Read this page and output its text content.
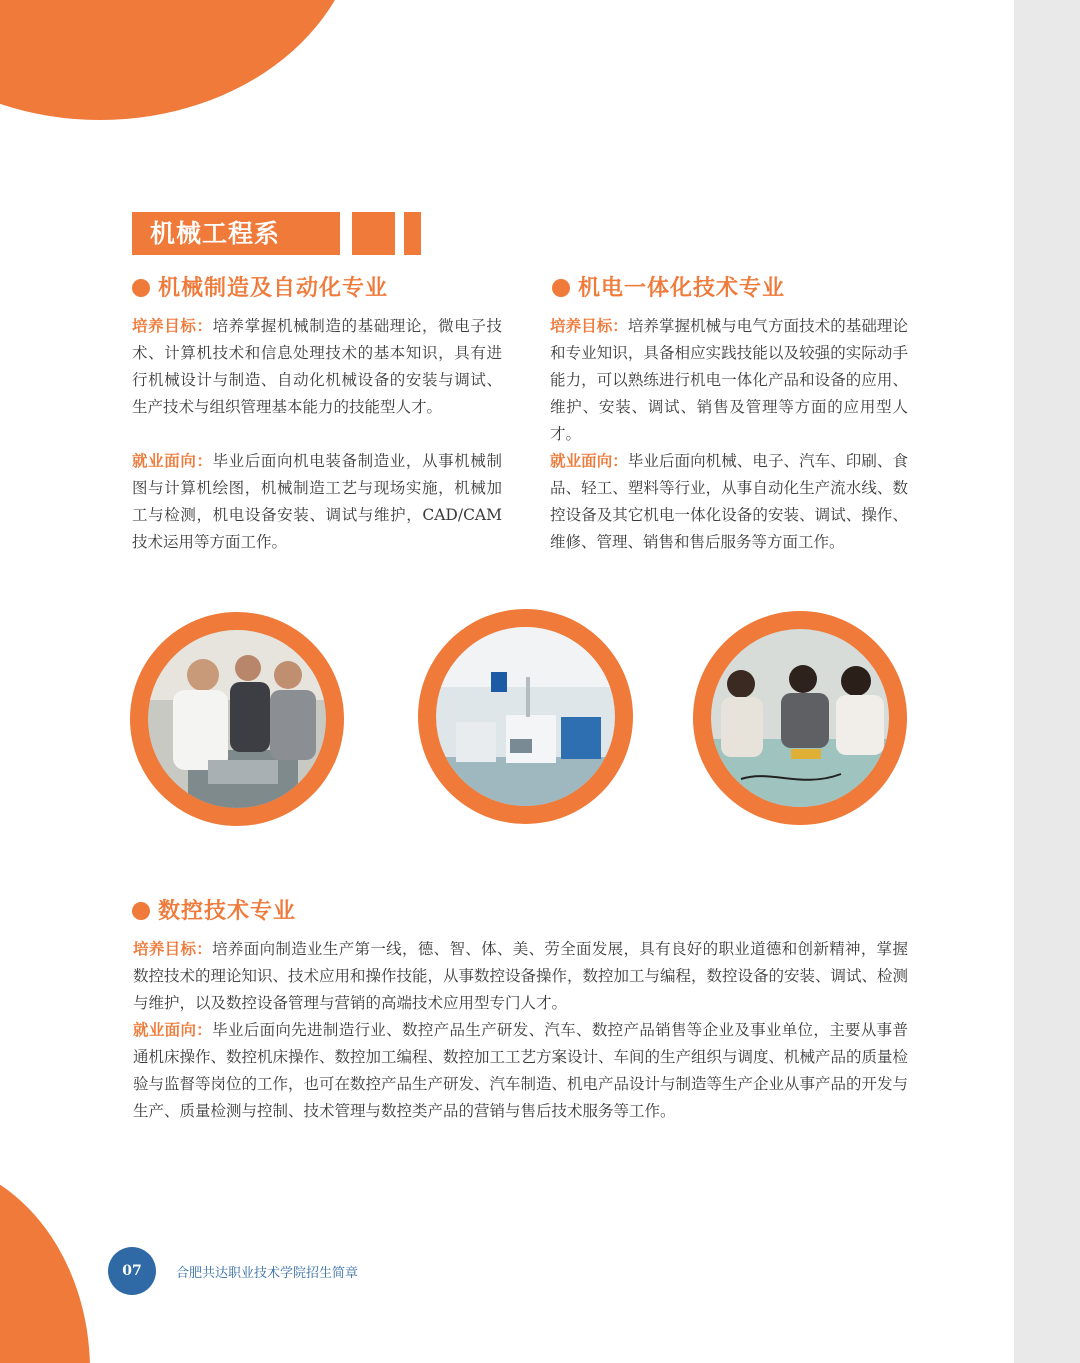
机械工程系
机械制造及自动化专业

培养目标：培养掌握机械制造的基础理论，微电子技术、计算机技术和信息处理技术的基本知识，具有进行机械设计与制造、自动化机械设备的安装与调试、生产技术与组织管理基本能力的技能型人才。

就业面向：毕业后面向机电装备制造业，从事机械制图与计算机绘图，机械制造工艺与现场实施，机械加工与检测，机电设备安装、调试与维护，CAD/CAM技术运用等方面工作。

机电一体化技术专业

培养目标：培养掌握机械与电气方面技术的基础理论和专业知识，具备相应实践技能以及较强的实际动手能力，可以熟练进行机电一体化产品和设备的应用、维护、安装、调试、销售及管理等方面的应用型人才。

就业面向：毕业后面向机械、电子、汽车、印刷、食品、轻工、塑料等行业，从事自动化生产流水线、数控设备及其它机电一体化设备的安装、调试、操作、维修、管理、销售和售后服务等方面工作。

数控技术专业

培养目标：培养面向制造业生产第一线，德、智、体、美、劳全面发展，具有良好的职业道德和创新精神，掌握数控技术的理论知识、技术应用和操作技能，从事数控设备操作，数控加工与编程，数控设备的安装、调试、检测与维护，以及数控设备管理与营销的高端技术应用型专门人才。

就业面向：毕业后面向先进制造行业、数控产品生产研发、汽车、数控产品销售等企业及事业单位，主要从事普通机床操作、数控机床操作、数控加工编程、数控加工工艺方案设计、车间的生产组织与调度、机械产品的质量检验与监督等岗位的工作，也可在数控产品生产研发、汽车制造、机电产品设计与制造等生产企业从事产品的开发与生产、质量检测与控制、技术管理与数控类产品的营销与售后技术服务等工作。

07	合肥共达职业技术学院招生简章
